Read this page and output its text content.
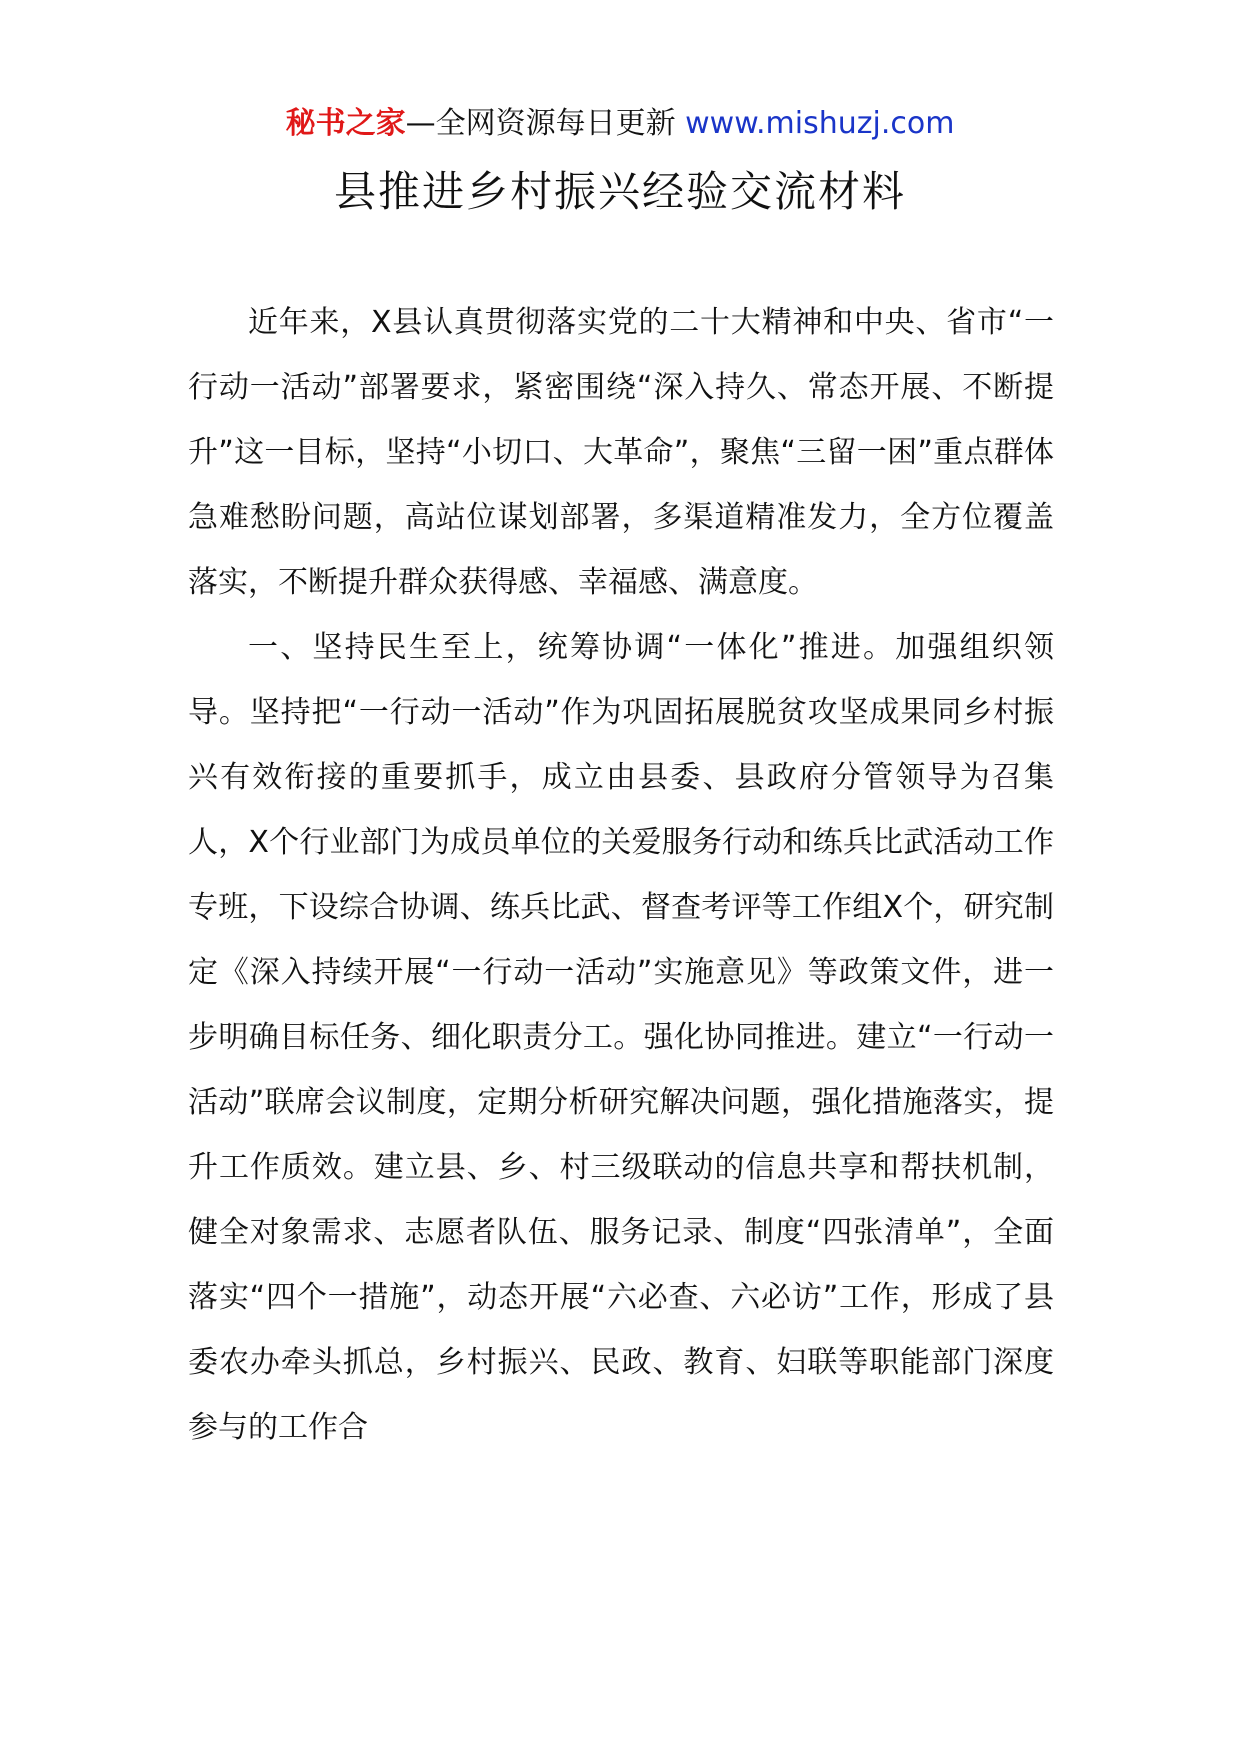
秘书之家—全网资源每日更新 www.mishuzj.com
县推进乡村振兴经验交流材料

近年来，X县认真贯彻落实党的二十大精神和中央、省市“一行动一活动”部署要求，紧密围绕“深入持久、常态开展、不断提升”这一目标，坚持“小切口、大革命”，聚焦“三留一困”重点群体急难愁盼问题，高站位谋划部署，多渠道精准发力，全方位覆盖落实，不断提升群众获得感、幸福感、满意度。

一、坚持民生至上，统筹协调“一体化”推进。加强组织领导。坚持把“一行动一活动”作为巩固拓展脱贫攻坚成果同乡村振兴有效衔接的重要抓手，成立由县委、县政府分管领导为召集人，X个行业部门为成员单位的关爱服务行动和练兵比武活动工作专班，下设综合协调、练兵比武、督查考评等工作组X个，研究制定《深入持续开展“一行动一活动”实施意见》等政策文件，进一步明确目标任务、细化职责分工。强化协同推进。建立“一行动一活动”联席会议制度，定期分析研究解决问题，强化措施落实，提升工作质效。建立县、乡、村三级联动的信息共享和帮扶机制，健全对象需求、志愿者队伍、服务记录、制度“四张清单”，全面落实“四个一措施”，动态开展“六必查、六必访”工作，形成了县委农办牵头抓总，乡村振兴、民政、教育、妇联等职能部门深度参与的工作合
